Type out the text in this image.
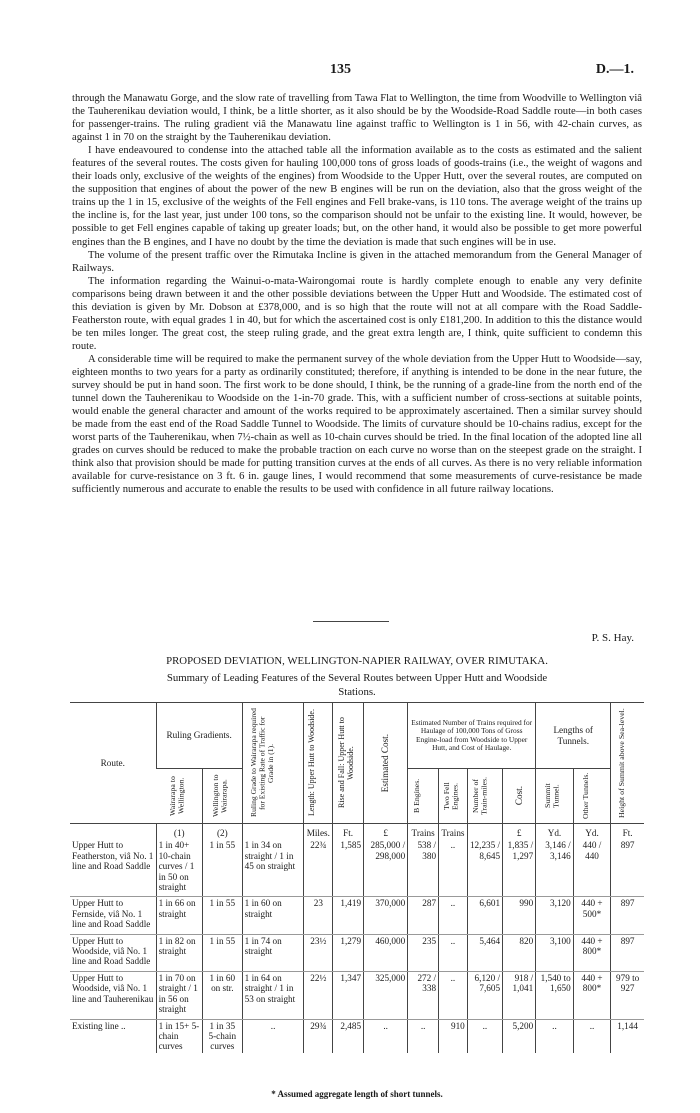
135	D.—1.

through the Manawatu Gorge, and the slow rate of travelling from Tawa Flat to Wellington, the time from Woodville to Wellington viâ the Tauherenikau deviation would, I think, be a little shorter, as it also should be by the Woodside-Road Saddle route—in both cases for passenger-trains. The ruling gradient viâ the Manawatu line against traffic to Wellington is 1 in 56, with 42-chain curves, as against 1 in 70 on the straight by the Tauherenikau deviation.

I have endeavoured to condense into the attached table all the information available as to the costs as estimated and the salient features of the several routes. The costs given for hauling 100,000 tons of gross loads of goods-trains (i.e., the weight of wagons and their loads only, exclusive of the weights of the engines) from Woodside to the Upper Hutt, over the several routes, are computed on the supposition that engines of about the power of the new B engines will be run on the deviation, also that the gross weight of the trains up the 1 in 15, exclusive of the weights of the Fell engines and Fell brake-vans, is 110 tons. The average weight of the trains up the incline is, for the last year, just under 100 tons, so the comparison should not be unfair to the existing line. It would, however, be possible to get Fell engines capable of taking up greater loads; but, on the other hand, it would also be possible to get more powerful engines than the B engines, and I have no doubt by the time the deviation is made that such engines will be in use.

The volume of the present traffic over the Rimutaka Incline is given in the attached memorandum from the General Manager of Railways.

The information regarding the Wainui-o-mata-Wairongomai route is hardly complete enough to enable any very definite comparisons being drawn between it and the other possible deviations between the Upper Hutt and Woodside. The estimated cost of this deviation is given by Mr. Dobson at £378,000, and is so high that the route will not at all compare with the Road Saddle-Featherston route, with equal grades 1 in 40, but for which the ascertained cost is only £181,200. In addition to this the distance would be ten miles longer. The great cost, the steep ruling grade, and the great extra length are, I think, quite sufficient to condemn this route.

A considerable time will be required to make the permanent survey of the whole deviation from the Upper Hutt to Woodside—say, eighteen months to two years for a party as ordinarily constituted; therefore, if anything is intended to be done in the near future, the survey should be put in hand soon. The first work to be done should, I think, be the running of a grade-line from the north end of the tunnel down the Tauherenikau to Woodside on the 1-in-70 grade. This, with a sufficient number of cross-sections at suitable points, would enable the general character and amount of the works required to be approximately ascertained. Then a similar survey should be made from the east end of the Road Saddle Tunnel to Woodside. The limits of curvature should be 10-chains radius, except for the worst parts of the Tauherenikau, when 7½-chain as well as 10-chain curves should be tried. In the final location of the adopted line all grades on curves should be reduced to make the probable traction on each curve no worse than on the steepest grade on the straight. I think also that provision should be made for putting transition curves at the ends of all curves. As there is no very reliable information available for curve-resistance on 3 ft. 6 in. gauge lines, I would recommend that some measurements of curve-resistance be made sufficiently numerous and accurate to enable the results to be used with confidence in all future railway locations.

P. S. Hay.
PROPOSED DEVIATION, WELLINGTON-NAPIER RAILWAY, OVER RIMUTAKA.
Summary of Leading Features of the Several Routes between Upper Hutt and Woodside
Stations.
Route.	Ruling Gradients.		Ruling Grade to Wairarapa required for Existing Rate of Traffic for Grade in (1).	Length: Upper Hutt to Woodside.	Rise and Fall: Upper Hutt to Woodside.	Estimated Cost.	Estimated Number of Trains required for Haulage of 100,000 Tons of Gross Engine-load from Woodside to Upper Hutt, and Cost of Haulage.				Lengths of Tunnels.		Height of Summit above Sea-level.

	Wairarapa to Wellington.	Wellington to Wairarapa.					B Engines.	Two Fell Engines.	Number of Train-miles.	Cost.	Summit Tunnel.	Other Tunnels.	

	(1)	(2)		Miles.	Ft.	£	Trains	Trains		£	Yd.	Yd.	Ft.
Upper Hutt to Featherston, viâ No. 1 line and Road Saddle	1 in 40+ 10-chain curves / 1 in 50 on straight	1 in 55	1 in 34 on straight / 1 in 45 on straight	22¾	1,585	285,000 / 298,000	538 / 380	..	12,235 / 8,645	1,835 / 1,297	3,146 / 3,146	440 / 440	897
Upper Hutt to Fernside, viâ No. 1 line and Road Saddle	1 in 66 on straight	1 in 55	1 in 60 on straight	23	1,419	370,000	287	..	6,601	990	3,120	440 + 500*	897
Upper Hutt to Woodside, viâ No. 1 line and Road Saddle	1 in 82 on straight	1 in 55	1 in 74 on straight	23½	1,279	460,000	235	..	5,464	820	3,100	440 + 800*	897
Upper Hutt to Woodside, viâ No. 1 line and Tauherenikau	1 in 70 on straight / 1 in 56 on straight	1 in 60 on str.	1 in 64 on straight / 1 in 53 on straight	22½	1,347	325,000	272 / 338	..	6,120 / 7,605	918 / 1,041	1,540 to 1,650	440 + 800*	979 to 927
Existing line ..	1 in 15+ 5-chain curves	1 in 35 5-chain curves	..	29¾	2,485	..	..	910	..	5,200	..	..	1,144
* Assumed aggregate length of short tunnels.
